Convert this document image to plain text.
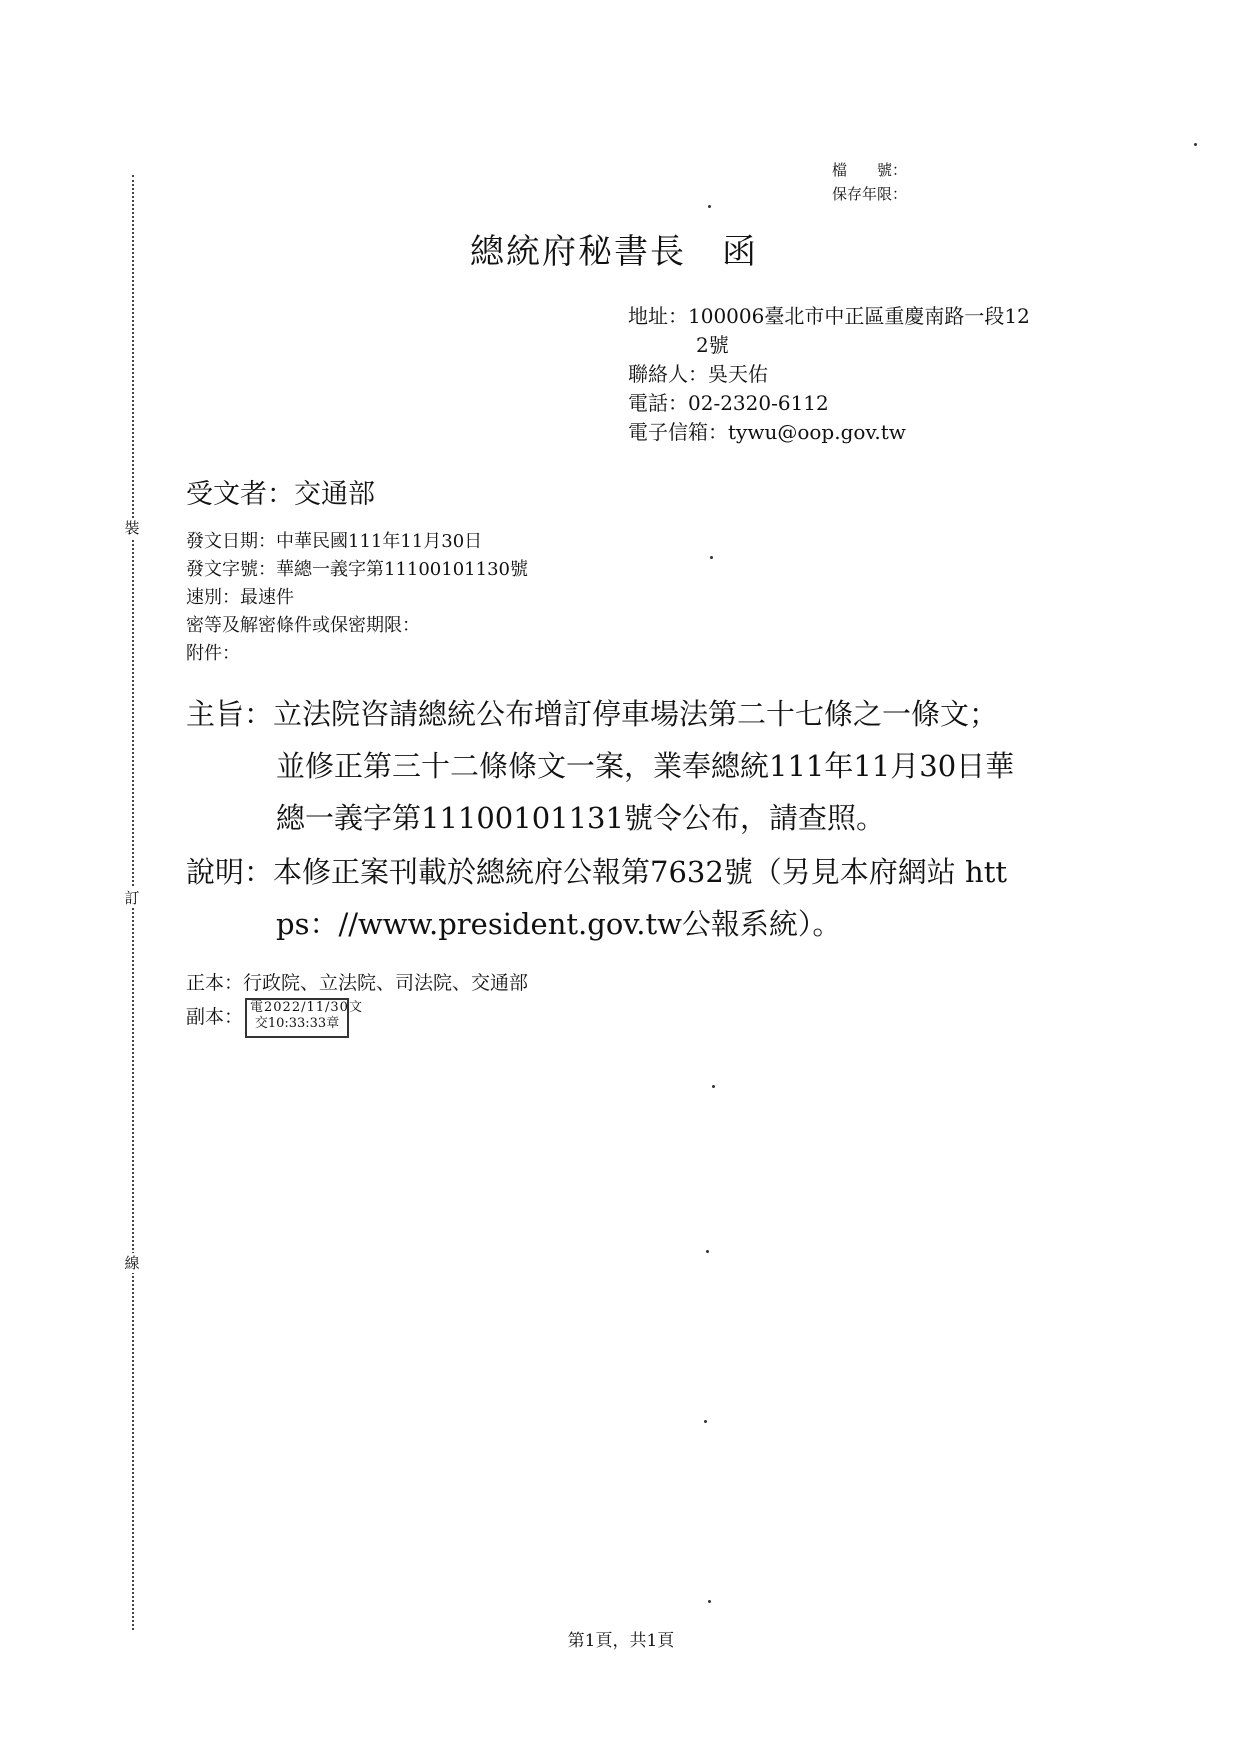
裝
訂
線
檔　　號：
保存年限：
總統府秘書長　函
地址：100006臺北市中正區重慶南路一段12
2號
聯絡人：吳天佑
電話：02-2320-6112
電子信箱：tywu@oop.gov.tw
受文者：交通部
發文日期：中華民國111年11月30日
發文字號：華總一義字第11100101130號
速別：最速件
密等及解密條件或保密期限：
附件：
主旨：立法院咨請總統公布增訂停車場法第二十七條之一條文；
並修正第三十二條條文一案，業奉總統111年11月30日華
總一義字第11100101131號令公布，請查照。
說明：本修正案刊載於總統府公報第7632號（另見本府網站 htt
ps：//www.president.gov.tw公報系統）。
正本：行政院、立法院、司法院、交通部
副本： 電2022/11/30文
交10:33:33章
第1頁，共1頁
